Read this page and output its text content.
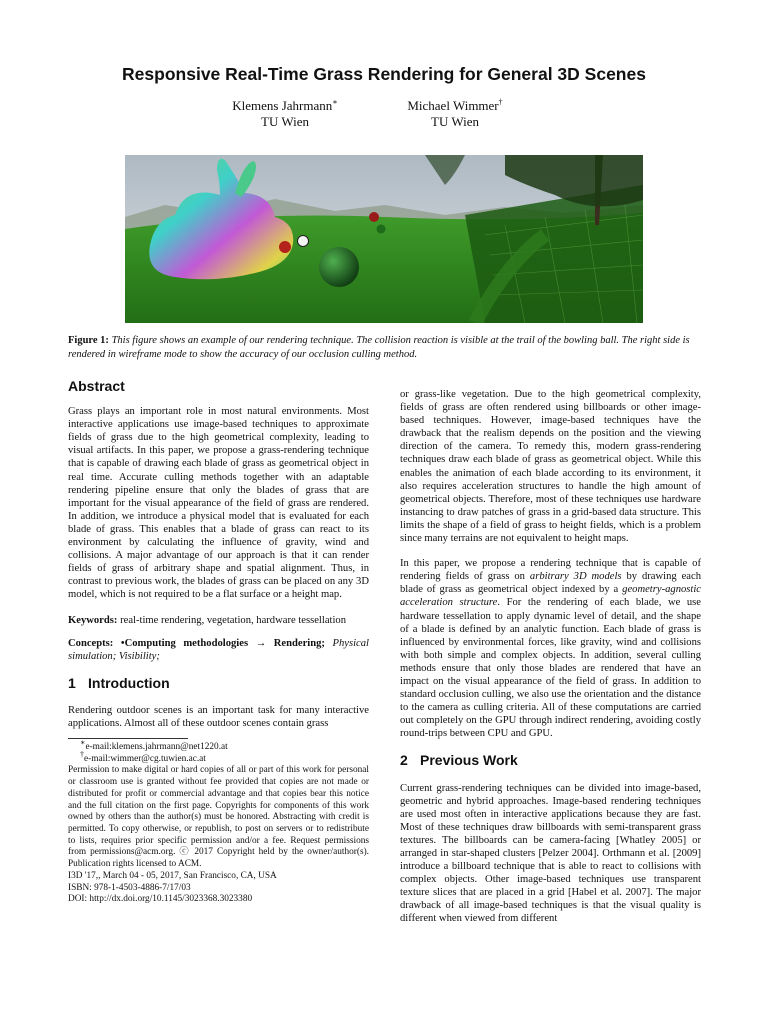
Responsive Real-Time Grass Rendering for General 3D Scenes
Klemens Jahrmann∗
TU Wien
Michael Wimmer†
TU Wien
Figure 1: This figure shows an example of our rendering technique. The collision reaction is visible at the trail of the bowling ball. The right side is rendered in wireframe mode to show the accuracy of our occlusion culling method.
Abstract

Grass plays an important role in most natural environments. Most interactive applications use image-based techniques to approximate fields of grass due to the high geometrical complexity, leading to visual artifacts. In this paper, we propose a grass-rendering technique that is capable of drawing each blade of grass as geometrical object in real time. Accurate culling methods together with an adaptable rendering pipeline ensure that only the blades of grass that are important for the visual appearance of the field of grass are rendered. In addition, we introduce a physical model that is evaluated for each blade of grass. This enables that a blade of grass can react to its environment by calculating the influence of gravity, wind and collisions. A major advantage of our approach is that it can render fields of grass of arbitrary shape and spatial alignment. Thus, in contrast to previous work, the blades of grass can be placed on any 3D model, which is not required to be a flat surface or a height map.

Keywords: real-time rendering, vegetation, hardware tessellation

Concepts: •Computing methodologies → Rendering; Physical simulation; Visibility;

1 Introduction

Rendering outdoor scenes is an important task for many interactive applications. Almost all of these outdoor scenes contain grass

∗e-mail:klemens.jahrmann@net1220.at
†e-mail:wimmer@cg.tuwien.ac.at

Permission to make digital or hard copies of all or part of this work for personal or classroom use is granted without fee provided that copies are not made or distributed for profit or commercial advantage and that copies bear this notice and the full citation on the first page. Copyrights for components of this work owned by others than the author(s) must be honored. Abstracting with credit is permitted. To copy otherwise, or republish, to post on servers or to redistribute to lists, requires prior specific permission and/or a fee. Request permissions from permissions@acm.org. ⓒ 2017 Copyright held by the owner/author(s). Publication rights licensed to ACM.

I3D '17,, March 04 - 05, 2017, San Francisco, CA, USA
ISBN: 978-1-4503-4886-7/17/03
DOI: http://dx.doi.org/10.1145/3023368.3023380

or grass-like vegetation. Due to the high geometrical complexity, fields of grass are often rendered using billboards or other image-based techniques. However, image-based techniques have the drawback that the realism depends on the position and the viewing direction of the camera. To remedy this, modern grass-rendering techniques draw each blade of grass as geometrical object. While this enables the animation of each blade according to its environment, it also requires acceleration structures to handle the high amount of geometrical objects. Therefore, most of these techniques use hardware instancing to draw patches of grass in a grid-based data structure. This limits the shape of a field of grass to height fields, which is a problem since many terrains are not equivalent to height maps.

In this paper, we propose a rendering technique that is capable of rendering fields of grass on arbitrary 3D models by drawing each blade of grass as geometrical object indexed by a geometry-agnostic acceleration structure. For the rendering of each blade, we use hardware tessellation to apply dynamic level of detail, and the shape of a blade is defined by an analytic function. Each blade of grass is influenced by environmental forces, like gravity, wind and collisions with both simple and complex objects. In addition, several culling methods ensure that only those blades are rendered that have an impact on the visual appearance of the field of grass. In addition to standard occlusion culling, we also use the orientation and the distance to the camera as culling criteria. All of these computations are carried out completely on the GPU through indirect rendering, avoiding costly round-trips between CPU and GPU.

2 Previous Work

Current grass-rendering techniques can be divided into image-based, geometric and hybrid approaches. Image-based rendering techniques are used most often in interactive applications because they are fast. Most of these techniques draw billboards with semi-transparent grass textures. The billboards can be camera-facing [Whatley 2005] or arranged in star-shaped clusters [Pelzer 2004]. Orthmann et al. [2009] introduce a billboard technique that is able to react to collisions with complex objects. Other image-based techniques use transparent texture slices that are placed in a grid [Habel et al. 2007]. The major drawback of all image-based techniques is that the visual quality is different when viewed from different
